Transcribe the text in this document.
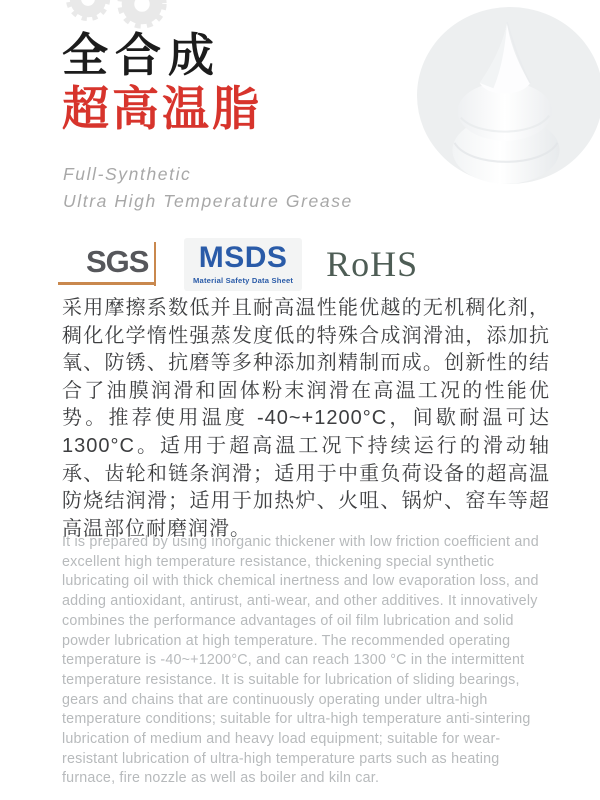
全合成
超高温脂
Full-Synthetic
Ultra High Temperature Grease
SGS MSDS
Material Safety Data Sheet RoHS

采用摩擦系数低并且耐高温性能优越的无机稠化剂，稠化化学惰性强蒸发度低的特殊合成润滑油，添加抗氧、防锈、抗磨等多种添加剂精制而成。创新性的结合了油膜润滑和固体粉末润滑在高温工况的性能优势。推荐使用温度 -40~+1200°C，间歇耐温可达 1300°C。适用于超高温工况下持续运行的滑动轴承、齿轮和链条润滑；适用于中重负荷设备的超高温防烧结润滑；适用于加热炉、火咀、锅炉、窑车等超高温部位耐磨润滑。

It is prepared by using inorganic thickener with low friction coefficient and excellent high temperature resistance, thickening special synthetic lubricating oil with thick chemical inertness and low evaporation loss, and adding antioxidant, antirust, anti-wear, and other additives. It innovatively combines the performance advantages of oil film lubrication and solid powder lubrication at high temperature. The recommended operating temperature is -40~+1200°C, and can reach 1300 °C in the intermittent temperature resistance. It is suitable for lubrication of sliding bearings, gears and chains that are continuously operating under ultra-high temperature conditions; suitable for ultra-high temperature anti-sintering lubrication of medium and heavy load equipment; suitable for wear-resistant lubrication of ultra-high temperature parts such as heating furnace, fire nozzle as well as boiler and kiln car.
